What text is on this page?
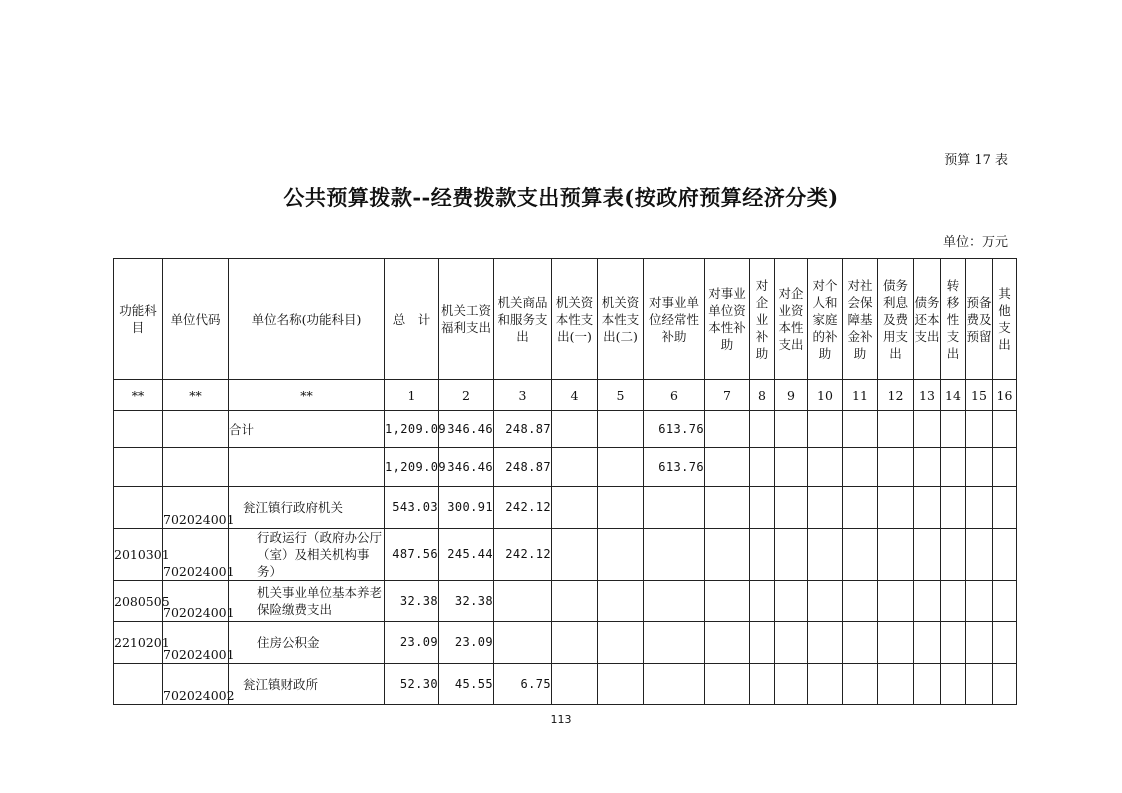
预算 17 表
公共预算拨款--经费拨款支出预算表(按政府预算经济分类)
单位：万元
功能科目	单位代码	单位名称(功能科目)	总　计	机关工资福利支出	机关商品和服务支出	机关资本性支出(一)	机关资本性支出(二)	对事业单位经常性补助	对事业单位资本性补助	对企业补助	对企业资本性支出	对个人和家庭的补助	对社会保障基金补助	债务利息及费用支出	债务还本支出	转移性支出	预备费及预留	其他支出
**	**	**	1	2	3	4	5	6	7	8	9	10	11	12	13	14	15	16
		合计	1,209.09	346.46	248.87			613.76										
			1,209.09	346.46	248.87			613.76										
	702024001	瓮江镇行政府机关	543.03	300.91	242.12													
2010301	702024001	行政运行（政府办公厅（室）及相关机构事务）	487.56	245.44	242.12													
2080505	702024001	机关事业单位基本养老保险缴费支出	32.38	32.38														
2210201	702024001	住房公积金	23.09	23.09														
	702024002	瓮江镇财政所	52.30	45.55	6.75													
113
